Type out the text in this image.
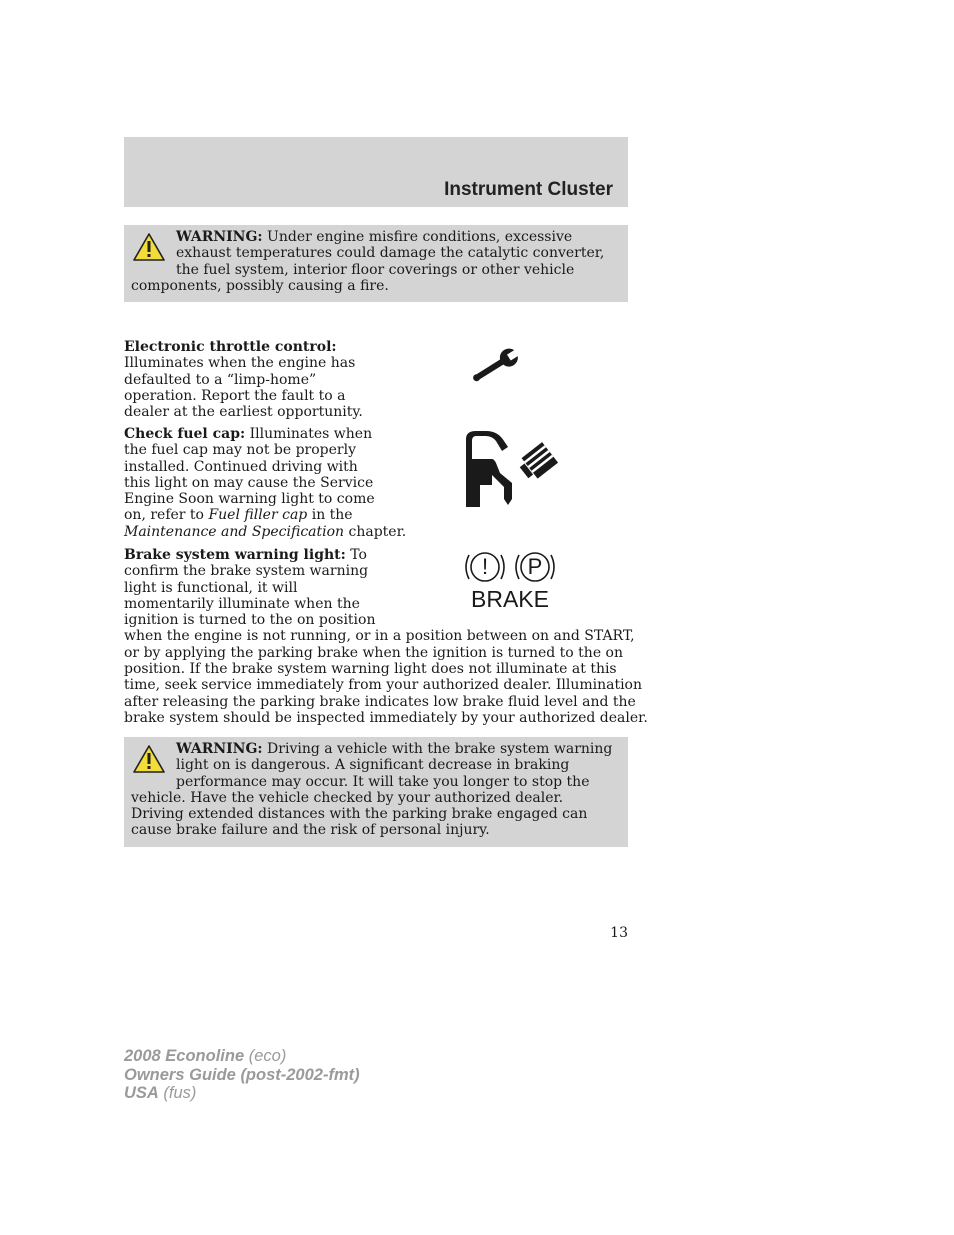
Instrument Cluster
WARNING: Under engine misfire conditions, excessive exhaust temperatures could damage the catalytic converter, the fuel system, interior floor coverings or other vehicle components, possibly causing a fire.
Electronic throttle control:
Illuminates when the engine has
defaulted to a “limp-home”
operation. Report the fault to a
dealer at the earliest opportunity.
Check fuel cap: Illuminates when
the fuel cap may not be properly
installed. Continued driving with
this light on may cause the Service
Engine Soon warning light to come
on, refer to Fuel filler cap in the
Maintenance and Specification chapter.
Brake system warning light: To
confirm the brake system warning
light is functional, it will
momentarily illuminate when the
ignition is turned to the on position
when the engine is not running, or in a position between on and START,
or by applying the parking brake when the ignition is turned to the on
position. If the brake system warning light does not illuminate at this
time, seek service immediately from your authorized dealer. Illumination
after releasing the parking brake indicates low brake fluid level and the
brake system should be inspected immediately by your authorized dealer.
!	P
BRAKE
WARNING: Driving a vehicle with the brake system warning light on is dangerous. A significant decrease in braking performance may occur. It will take you longer to stop the vehicle. Have the vehicle checked by your authorized dealer. Driving extended distances with the parking brake engaged can cause brake failure and the risk of personal injury.
13
2008 Econoline (eco)
Owners Guide (post-2002-fmt)
USA (fus)
